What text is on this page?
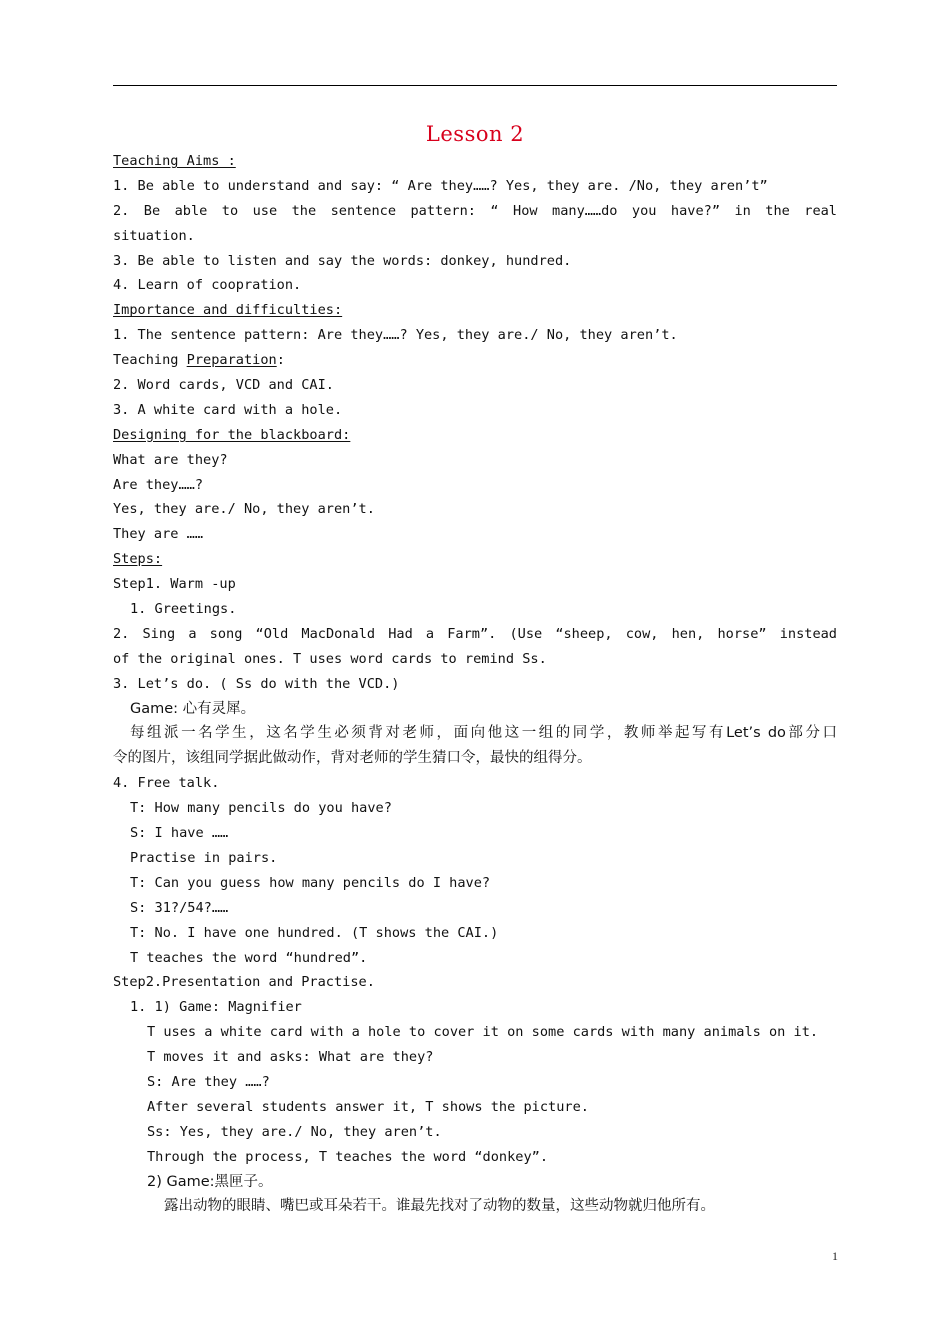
Lesson 2
Teaching Aims :
1. Be able to understand and say: “ Are they……? Yes, they are. /No, they aren’t”
2. Be able to use the sentence pattern: “ How many……do you have?” in the real
situation.
3. Be able to listen and say the words: donkey, hundred.
4. Learn of coopration.
Importance and difficulties:
1. The sentence pattern: Are they……? Yes, they are./ No, they aren’t.
Teaching Preparation:
2. Word cards, VCD and CAI.
3. A white card with a hole.
Designing for the blackboard:
What are they?
Are they……?
Yes, they are./ No, they aren’t.
They are ……
Steps:
Step1. Warm -up
1. Greetings.
2. Sing a song “Old MacDonald Had a Farm”. (Use “sheep, cow, hen, horse” instead
of the original ones. T uses word cards to remind Ss.
3. Let’s do. ( Ss do with the VCD.)
Game: 心有灵犀。
每组派一名学生，这名学生必须背对老师，面向他这一组的同学，教师举起写有Let’s do部分口
令的图片，该组同学据此做动作，背对老师的学生猜口令，最快的组得分。
4. Free talk.
T: How many pencils do you have?
S: I have ……
Practise in pairs.
T: Can you guess how many pencils do I have?
S: 31?/54?……
T: No. I have one hundred. (T shows the CAI.)
T teaches the word “hundred”.
Step2.Presentation and Practise.
1. 1) Game: Magnifier
T uses a white card with a hole to cover it on some cards with many animals on it.
T moves it and asks: What are they?
S: Are they ……?
After several students answer it, T shows the picture.
Ss: Yes, they are./ No, they aren’t.
Through the process, T teaches the word “donkey”.
2) Game:黑匣子。
露出动物的眼睛、嘴巴或耳朵若干。谁最先找对了动物的数量，这些动物就归他所有。
1
